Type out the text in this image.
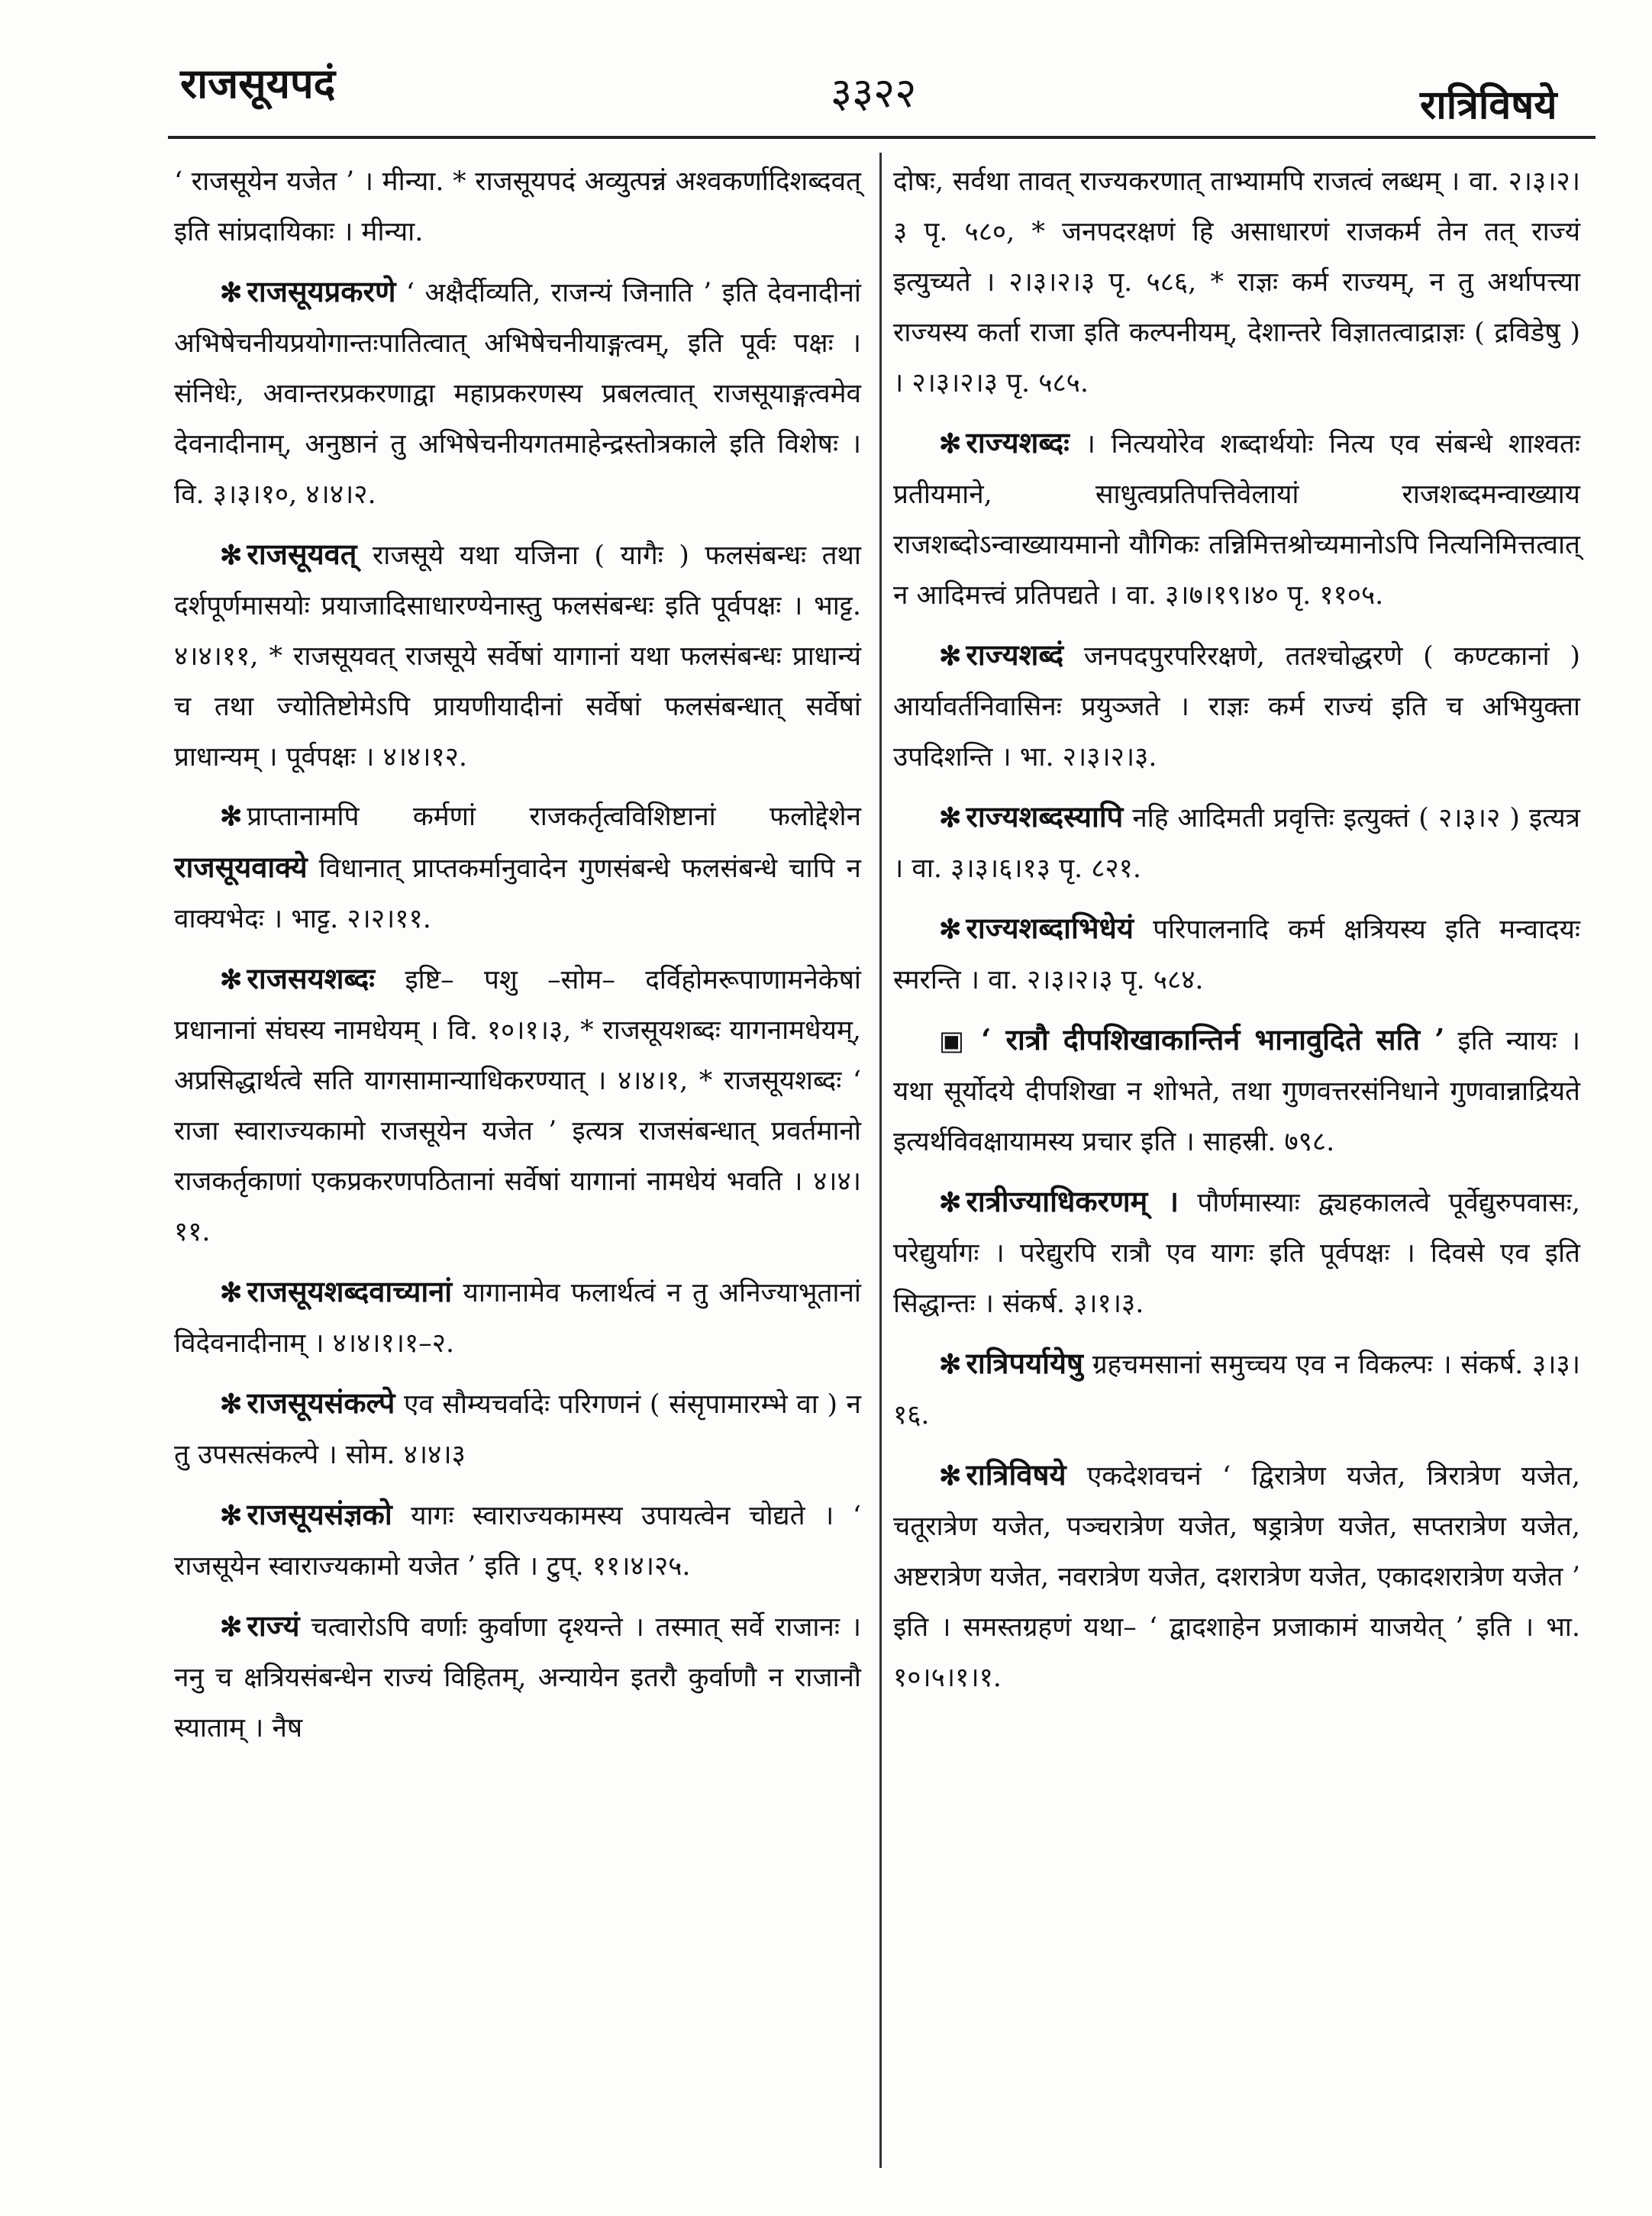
राजसूयपदं	३३२२	रात्रिविषये

‘ राजसूयेन यजेत ’ । मीन्या. * राजसूयपदं अव्युत्पन्नं अश्वकर्णादिशब्दवत् इति सांप्रदायिकाः । मीन्या.

✻ राजसूयप्रकरणे ‘ अक्षैर्दीव्यति, राजन्यं जिनाति ’ इति देवनादीनां अभिषेचनीयप्रयोगान्तःपातित्वात् अभिषेचनीयाङ्गत्वम्, इति पूर्वः पक्षः । संनिधेः, अवान्तरप्रकरणाद्वा महाप्रकरणस्य प्रबलत्वात् राजसूयाङ्गत्वमेव देवनादीनाम्, अनुष्ठानं तु अभिषेचनीयगतमाहेन्द्रस्तोत्रकाले इति विशेषः । वि. ३।३।१०, ४।४।२.

✻ राजसूयवत् राजसूये यथा यजिना ( यागैः ) फलसंबन्धः तथा दर्शपूर्णमासयोः प्रयाजादिसाधारण्येनास्तु फलसंबन्धः इति पूर्वपक्षः । भाट्ट. ४।४।११, * राजसूयवत् राजसूये सर्वेषां यागानां यथा फलसंबन्धः प्राधान्यं च तथा ज्योतिष्टोमेऽपि प्रायणीयादीनां सर्वेषां फलसंबन्धात् सर्वेषां प्राधान्यम् । पूर्वपक्षः । ४।४।१२.

✻ प्राप्तानामपि कर्मणां राजकर्तृत्वविशिष्टानां फलोद्देशेन राजसूयवाक्ये विधानात् प्राप्तकर्मानुवादेन गुणसंबन्धे फलसंबन्धे चापि न वाक्यभेदः । भाट्ट. २।२।११.

✻ राजसयशब्दः इष्टि– पशु –सोम– दर्विहोमरूपाणामनेकेषां प्रधानानां संघस्य नामधेयम् । वि. १०।१।३, * राजसूयशब्दः यागनामधेयम्, अप्रसिद्धार्थत्वे सति यागसामान्याधिकरण्यात् । ४।४।१, * राजसूयशब्दः ‘ राजा स्वाराज्यकामो राजसूयेन यजेत ’ इत्यत्र राजसंबन्धात् प्रवर्तमानो राजकर्तृकाणां एकप्रकरणपठितानां सर्वेषां यागानां नामधेयं भवति । ४।४।११.

✻ राजसूयशब्दवाच्यानां यागानामेव फलार्थत्वं न तु अनिज्याभूतानां विदेवनादीनाम् । ४।४।१।१–२.

✻ राजसूयसंकल्पे एव सौम्यचर्वादेः परिगणनं ( संसृपामारम्भे वा ) न तु उपसत्संकल्पे । सोम. ४।४।३

✻ राजसूयसंज्ञको यागः स्वाराज्यकामस्य उपायत्वेन चोद्यते । ‘ राजसूयेन स्वाराज्यकामो यजेत ’ इति । टुप्. ११।४।२५.

✻ राज्यं चत्वारोऽपि वर्णाः कुर्वाणा दृश्यन्ते । तस्मात् सर्वे राजानः । ननु च क्षत्रियसंबन्धेन राज्यं विहितम्, अन्यायेन इतरौ कुर्वाणौ न राजानौ स्याताम् । नैष

दोषः, सर्वथा तावत् राज्यकरणात् ताभ्यामपि राजत्वं लब्धम् । वा. २।३।२।३ पृ. ५८०, * जनपदरक्षणं हि असाधारणं राजकर्म तेन तत् राज्यं इत्युच्यते । २।३।२।३ पृ. ५८६, * राज्ञः कर्म राज्यम्, न तु अर्थापत्त्या राज्यस्य कर्ता राजा इति कल्पनीयम्, देशान्तरे विज्ञातत्वाद्राज्ञः ( द्रविडेषु ) । २।३।२।३ पृ. ५८५.

✻ राज्यशब्दः । नित्ययोरेव शब्दार्थयोः नित्य एव संबन्धे शाश्वतः प्रतीयमाने, साधुत्वप्रतिपत्तिवेलायां राजशब्दमन्वाख्याय राजशब्दोऽन्वाख्यायमानो यौगिकः तन्निमित्तश्रोच्यमानोऽपि नित्यनिमित्तत्वात् न आदिमत्त्वं प्रतिपद्यते । वा. ३।७।१९।४० पृ. ११०५.

✻ राज्यशब्दं जनपदपुरपरिरक्षणे, ततश्चोद्धरणे ( कण्टकानां ) आर्यावर्तनिवासिनः प्रयुञ्जते । राज्ञः कर्म राज्यं इति च अभियुक्ता उपदिशन्ति । भा. २।३।२।३.

✻ राज्यशब्दस्यापि नहि आदिमती प्रवृत्तिः इत्युक्तं ( २।३।२ ) इत्यत्र । वा. ३।३।६।१३ पृ. ८२१.

✻ राज्यशब्दाभिधेयं परिपालनादि कर्म क्षत्रियस्य इति मन्वादयः स्मरन्ति । वा. २।३।२।३ पृ. ५८४.

▣ ‘ रात्रौ दीपशिखाकान्तिर्न भानावुदिते सति ’ इति न्यायः । यथा सूर्योदये दीपशिखा न शोभते, तथा गुणवत्तरसंनिधाने गुणवान्नाद्रियते इत्यर्थविवक्षायामस्य प्रचार इति । साहस्री. ७९८.

✻ रात्रीज्याधिकरणम् । पौर्णमास्याः द्व्यहकालत्वे पूर्वेद्युरुपवासः, परेद्युर्यागः । परेद्युरपि रात्रौ एव यागः इति पूर्वपक्षः । दिवसे एव इति सिद्धान्तः । संकर्ष. ३।१।३.

✻ रात्रिपर्यायेषु ग्रहचमसानां समुच्चय एव न विकल्पः । संकर्ष. ३।३।१६.

✻ रात्रिविषये एकदेशवचनं ‘ द्विरात्रेण यजेत, त्रिरात्रेण यजेत, चतूरात्रेण यजेत, पञ्चरात्रेण यजेत, षड्रात्रेण यजेत, सप्तरात्रेण यजेत, अष्टरात्रेण यजेत, नवरात्रेण यजेत, दशरात्रेण यजेत, एकादशरात्रेण यजेत ’ इति । समस्तग्रहणं यथा– ‘ द्वादशाहेन प्रजाकामं याजयेत् ’ इति । भा. १०।५।१।१.
